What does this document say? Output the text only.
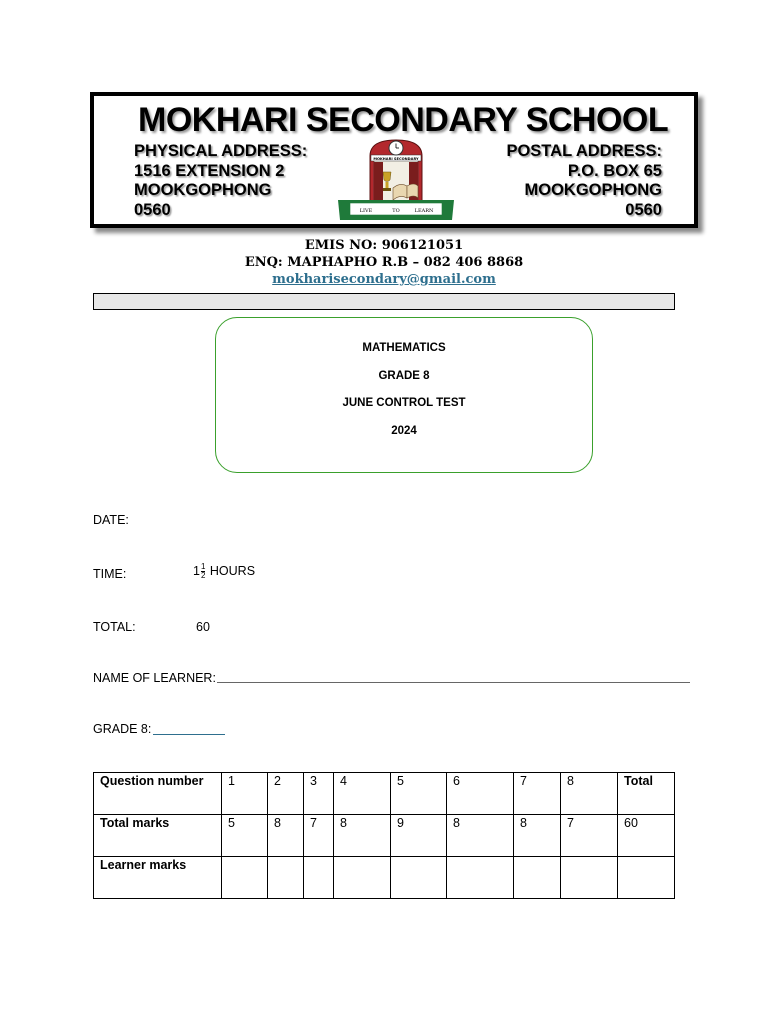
MOKHARI SECONDARY SCHOOL
PHYSICAL ADDRESS:
1516 EXTENSION 2
MOOKGOPHONG
0560
POSTAL ADDRESS:
P.O. BOX 65
MOOKGOPHONG
0560
MOKHARI SECONDARY
LIVE	TO	LEARN
EMIS NO: 906121051
ENQ: MAPHAPHO R.B – 082 406 8868
mokharisecondary@gmail.com
MATHEMATICS
GRADE 8
JUNE CONTROL TEST
2024
DATE:
TIME:	$1 \frac{1}{2}$ HOURS
TOTAL:	60
NAME OF LEARNER:
GRADE 8:
Question number	1	2	3	4	5	6	7	8	Total
Total marks	5	8	7	8	9	8	8	7	60
Learner marks									
